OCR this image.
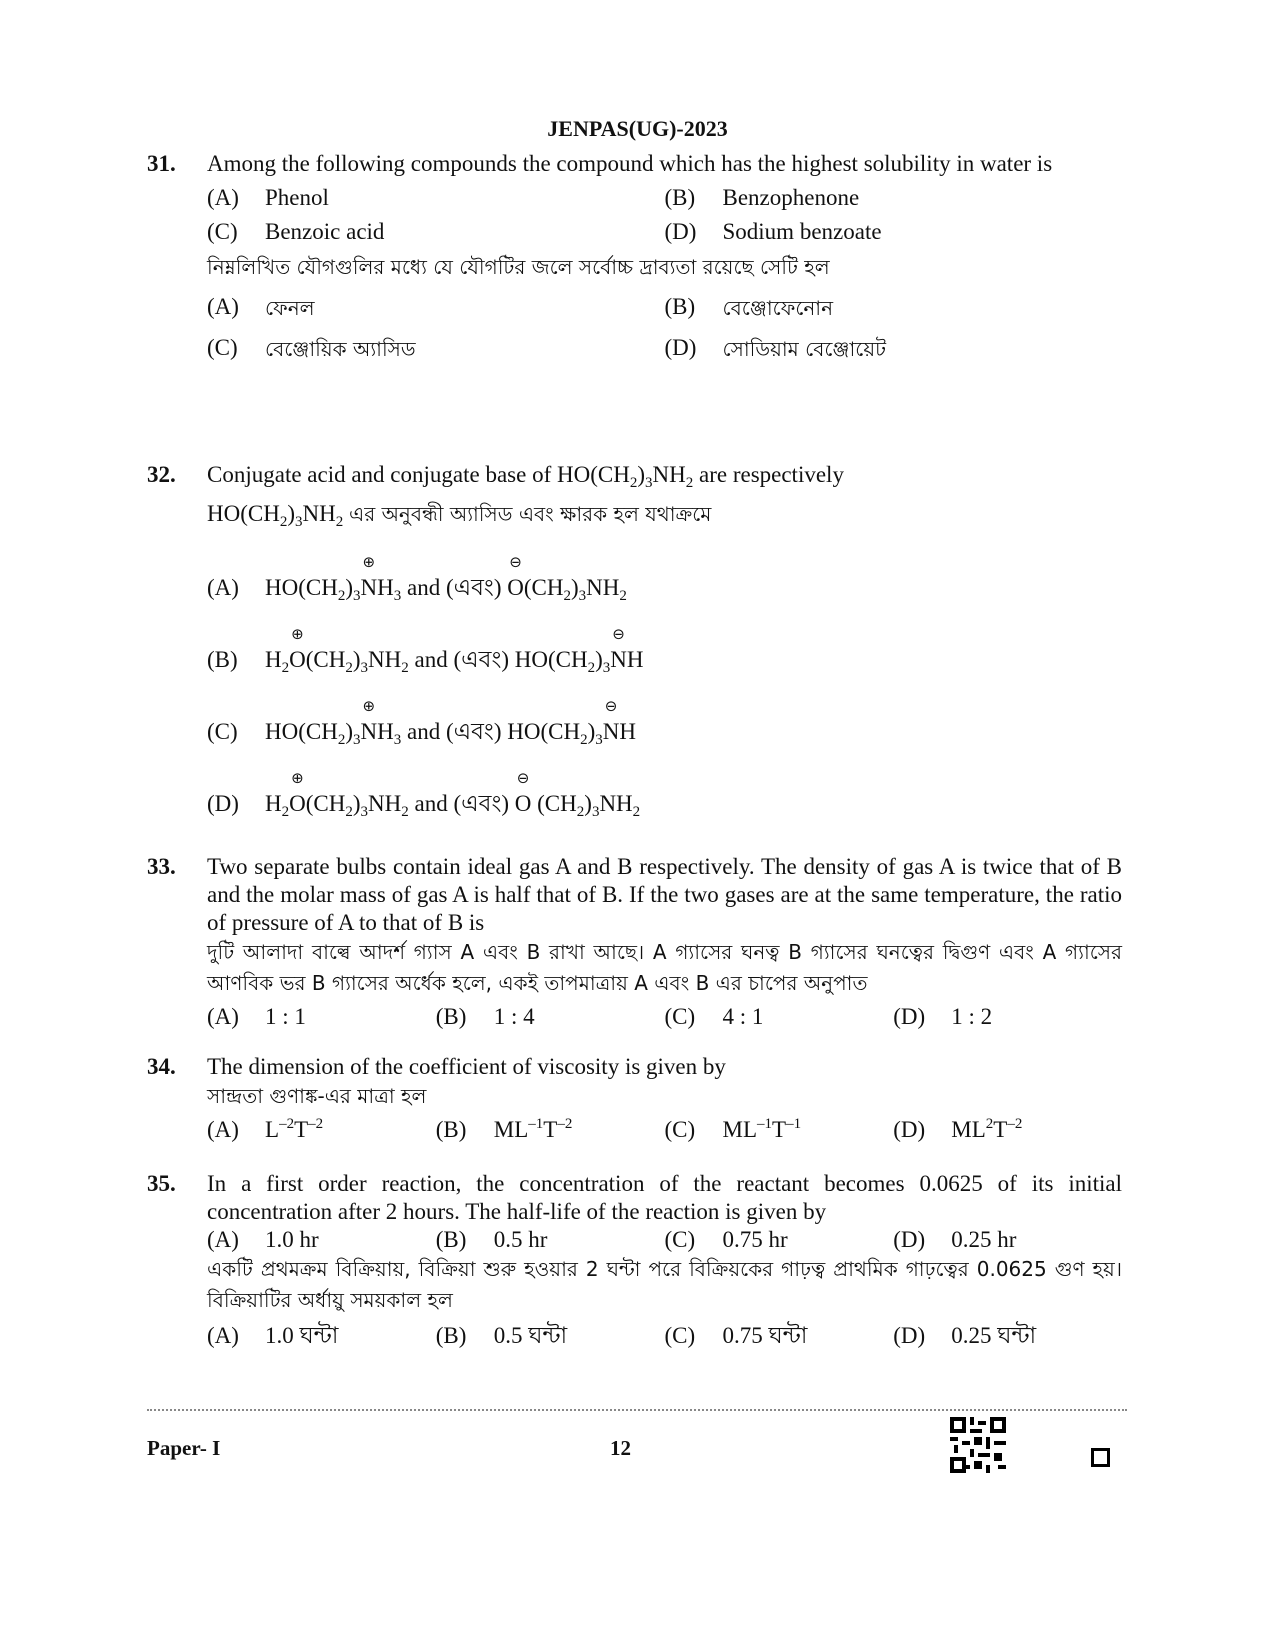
JENPAS(UG)-2023
31. Among the following compounds the compound which has the highest solubility in water is
(A)	Phenol	(B)	Benzophenone
(C)	Benzoic acid	(D)	Sodium benzoate
নিম্নলিখিত যৌগগুলির মধ্যে যে যৌগটির জলে সর্বোচ্চ দ্রাব্যতা রয়েছে সেটি হল
(A)	ফেনল	(B)	বেঞ্জোফেনোন
(C)	বেঞ্জোয়িক অ্যাসিড	(D)	সোডিয়াম বেঞ্জোয়েট
32. Conjugate acid and conjugate base of $HO(CH_2)_3NH_2$ are respectively
$HO(CH_2)_3NH_2$ এর অনুবন্ধী অ্যাসিড এবং ক্ষারক হল যথাক্রমে
(A)	$HO(CH_2)_3N$
⊕
$H_3$ and (এবং) O
⊖
$(CH_2)_3NH_2$
(B)	$H_2O$
⊕
$(CH_2)_3NH_2$ and (এবং) $HO(CH_2)_3N$
⊖
H
(C)	$HO(CH_2)_3N$
⊕
$H_3$ and (এবং) $HO(CH_2)_3N$
⊖
H
(D)	$H_2O$
⊕
$(CH_2)_3NH_2$ and (এবং) O
⊖
$(CH_2)_3NH_2$
33. Two separate bulbs contain ideal gas A and B respectively. The density of gas A is twice that of B and the molar mass of gas A is half that of B. If the two gases are at the same temperature, the ratio of pressure of A to that of B is
দুটি আলাদা বাল্বে আদর্শ গ্যাস A এবং B রাখা আছে। A গ্যাসের ঘনত্ব B গ্যাসের ঘনত্বের দ্বিগুণ এবং A গ্যাসের আণবিক ভর B গ্যাসের অর্ধেক হলে, একই তাপমাত্রায় A এবং B এর চাপের অনুপাত
(A)	1 : 1	(B)	1 : 4	(C)	4 : 1	(D)	1 : 2
34. The dimension of the coefficient of viscosity is given by
সান্দ্রতা গুণাঙ্ক-এর মাত্রা হল
(A)	$L^{-2}T^{-2}$	(B)	$ML^{-1}T^{-2}$	(C)	$ML^{-1}T^{-1}$	(D)	$ML^2T^{-2}$
35. In a first order reaction, the concentration of the reactant becomes 0.0625 of its initial concentration after 2 hours. The half-life of the reaction is given by
(A)	1.0 hr	(B)	0.5 hr	(C)	0.75 hr	(D)	0.25 hr
একটি প্রথমক্রম বিক্রিয়ায়, বিক্রিয়া শুরু হওয়ার 2 ঘন্টা পরে বিক্রিয়কের গাঢ়ত্ব প্রাথমিক গাঢ়ত্বের 0.0625 গুণ হয়। বিক্রিয়াটির অর্ধায়ু সময়কাল হল
(A)	1.0 ঘন্টা	(B)	0.5 ঘন্টা	(C)	0.75 ঘন্টা	(D)	0.25 ঘন্টা
Paper- I	12
